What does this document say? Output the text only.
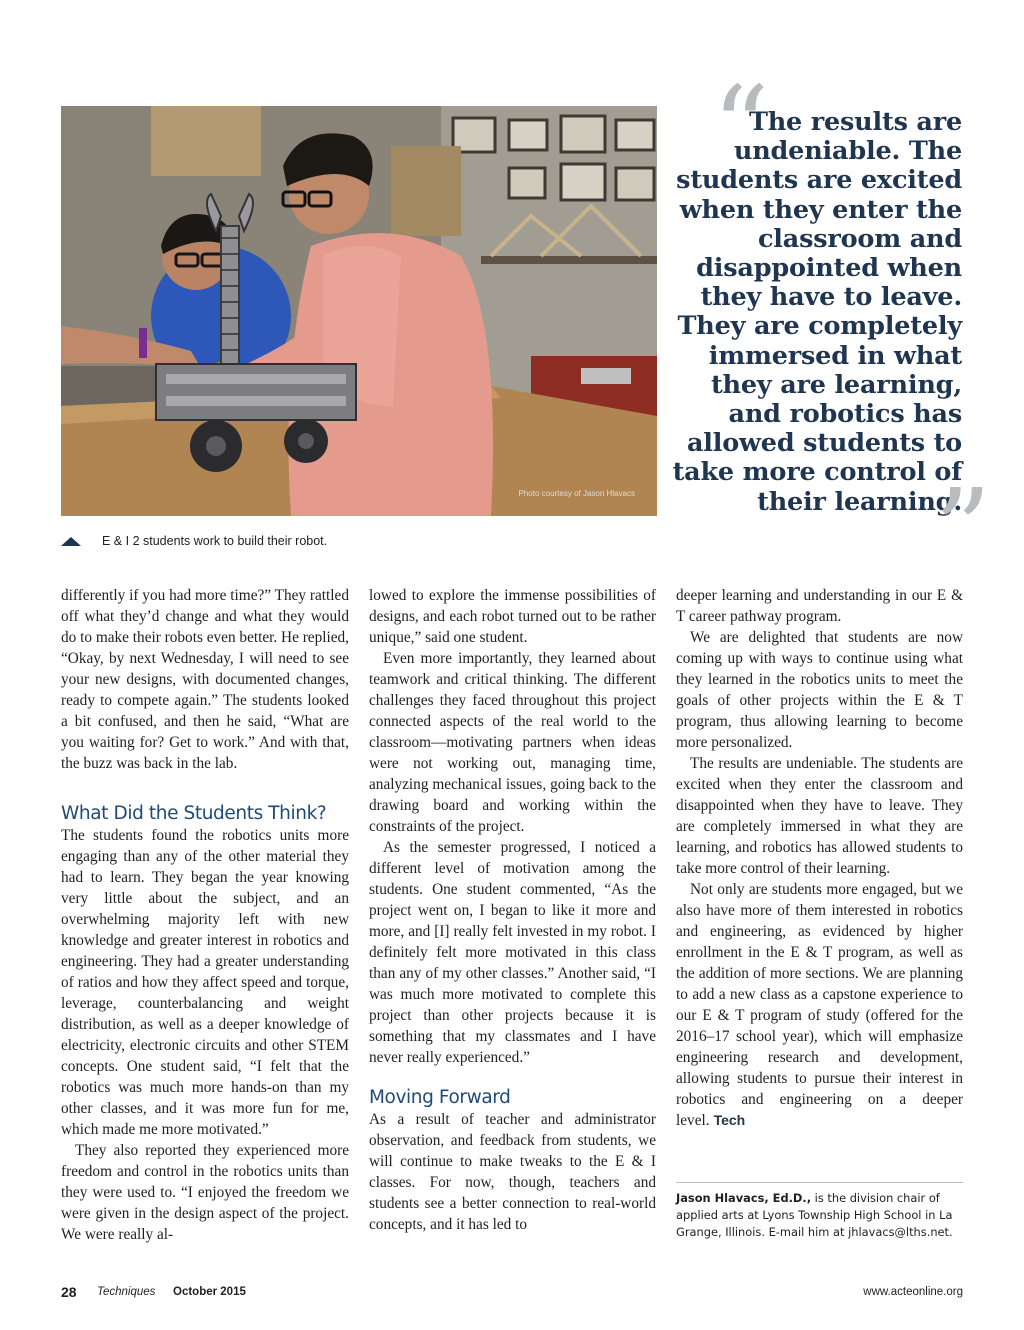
Photo courtesy of Jason Hlavacs
E & I 2 students work to build their robot.
“
The results are undeniable. The students are excited when they enter the classroom and disappointed when they have to leave. They are completely immersed in what they are learning, and robotics has allowed students to take more control of their learning.
”

differently if you had more time?” They rattled off what they’d change and what they would do to make their robots even better. He replied, “Okay, by next Wednesday, I will need to see your new designs, with documented changes, ready to compete again.” The students looked a bit confused, and then he said, “What are you waiting for? Get to work.” And with that, the buzz was back in the lab.

What Did the Students Think?

The students found the robotics units more engaging than any of the other material they had to learn. They began the year knowing very little about the subject, and an overwhelming majority left with new knowledge and greater interest in robotics and engineering. They had a greater understanding of ratios and how they affect speed and torque, leverage, counterbalancing and weight distribution, as well as a deeper knowledge of electricity, electronic circuits and other STEM concepts. One student said, “I felt that the robotics was much more hands-on than my other classes, and it was more fun for me, which made me more motivated.”

They also reported they experienced more freedom and control in the robotics units than they were used to. “I enjoyed the freedom we were given in the design aspect of the project. We were really al-

lowed to explore the immense possibilities of designs, and each robot turned out to be rather unique,” said one student.

Even more importantly, they learned about teamwork and critical thinking. The different challenges they faced throughout this project connected aspects of the real world to the classroom—motivating partners when ideas were not working out, managing time, analyzing mechanical issues, going back to the drawing board and working within the constraints of the project.

As the semester progressed, I noticed a different level of motivation among the students. One student commented, “As the project went on, I began to like it more and more, and [I] really felt invested in my robot. I definitely felt more motivated in this class than any of my other classes.” Another said, “I was much more motivated to complete this project than other projects because it is something that my classmates and I have never really experienced.”

Moving Forward

As a result of teacher and administrator observation, and feedback from students, we will continue to make tweaks to the E & I classes. For now, though, teachers and students see a better connection to real-world concepts, and it has led to

deeper learning and understanding in our E & T career pathway program.

We are delighted that students are now coming up with ways to continue using what they learned in the robotics units to meet the goals of other projects within the E & T program, thus allowing learning to become more personalized.

The results are undeniable. The students are excited when they enter the classroom and disappointed when they have to leave. They are completely immersed in what they are learning, and robotics has allowed students to take more control of their learning.

Not only are students more engaged, but we also have more of them interested in robotics and engineering, as evidenced by higher enrollment in the E & T program, as well as the addition of more sections. We are planning to add a new class as a capstone experience to our E & T program of study (offered for the 2016–17 school year), which will emphasize engineering research and development, allowing students to pursue their interest in robotics and engineering on a deeper level. Tech

Jason Hlavacs, Ed.D., is the division chair of applied arts at Lyons Township High School in La Grange, Illinois. E-mail him at jhlavacs@lths.net.
28 Techniques October 2015	www.acteonline.org
